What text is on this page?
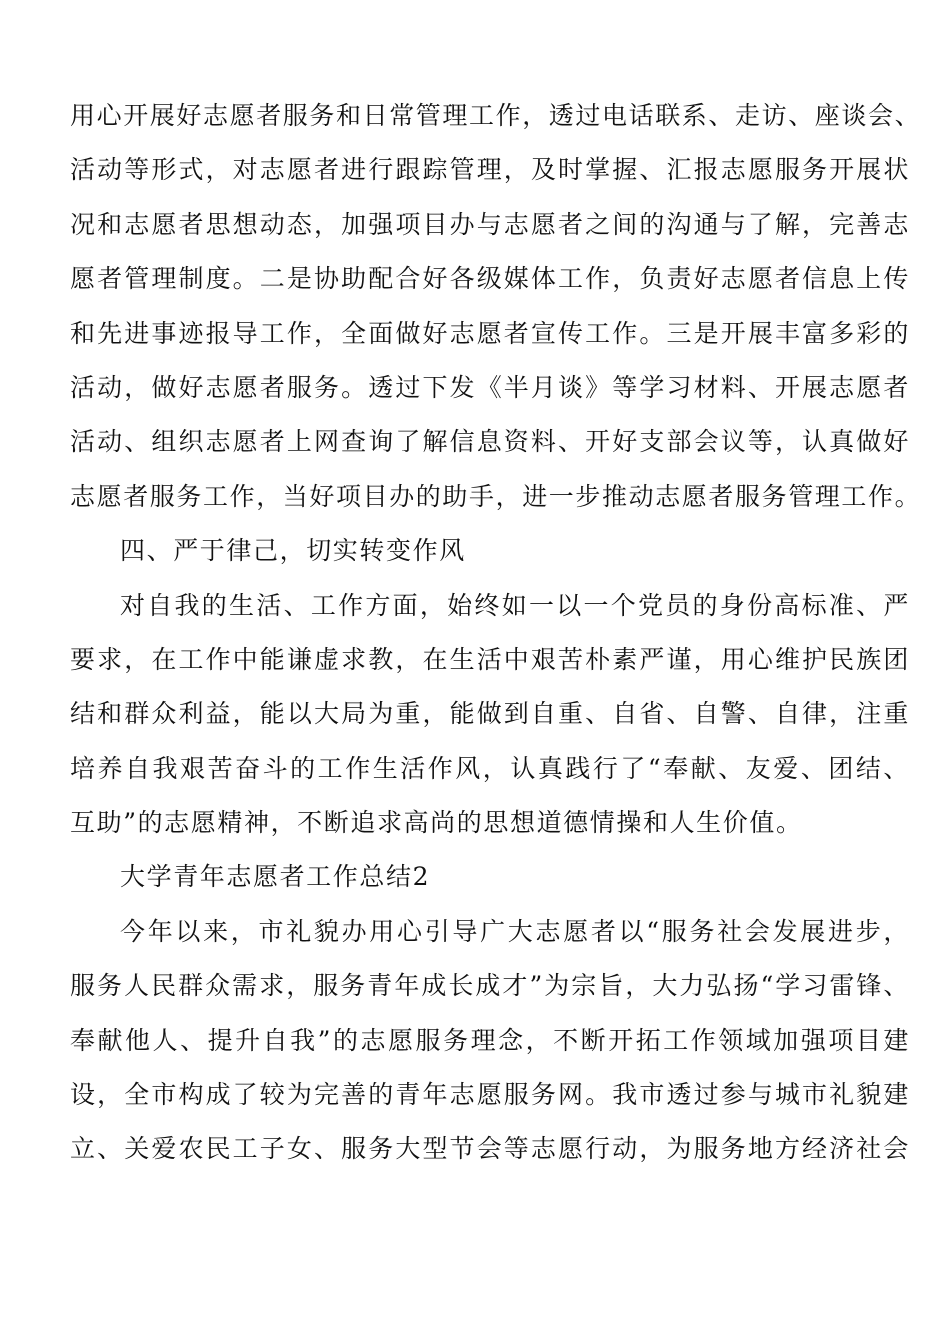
用心开展好志愿者服务和日常管理工作，透过电话联系、走访、座谈会、
活动等形式，对志愿者进行跟踪管理，及时掌握、汇报志愿服务开展状
况和志愿者思想动态，加强项目办与志愿者之间的沟通与了解，完善志
愿者管理制度。二是协助配合好各级媒体工作，负责好志愿者信息上传
和先进事迹报导工作，全面做好志愿者宣传工作。三是开展丰富多彩的
活动，做好志愿者服务。透过下发《半月谈》等学习材料、开展志愿者
活动、组织志愿者上网查询了解信息资料、开好支部会议等，认真做好
志愿者服务工作，当好项目办的助手，进一步推动志愿者服务管理工作。
四、严于律己，切实转变作风
对自我的生活、工作方面，始终如一以一个党员的身份高标准、严
要求，在工作中能谦虚求教，在生活中艰苦朴素严谨，用心维护民族团
结和群众利益，能以大局为重，能做到自重、自省、自警、自律，注重
培养自我艰苦奋斗的工作生活作风，认真践行了“奉献、友爱、团结、
互助”的志愿精神，不断追求高尚的思想道德情操和人生价值。
大学青年志愿者工作总结2
今年以来，市礼貌办用心引导广大志愿者以“服务社会发展进步，
服务人民群众需求，服务青年成长成才”为宗旨，大力弘扬“学习雷锋、
奉献他人、提升自我”的志愿服务理念，不断开拓工作领域加强项目建
设，全市构成了较为完善的青年志愿服务网。我市透过参与城市礼貌建
立、关爱农民工子女、服务大型节会等志愿行动，为服务地方经济社会
